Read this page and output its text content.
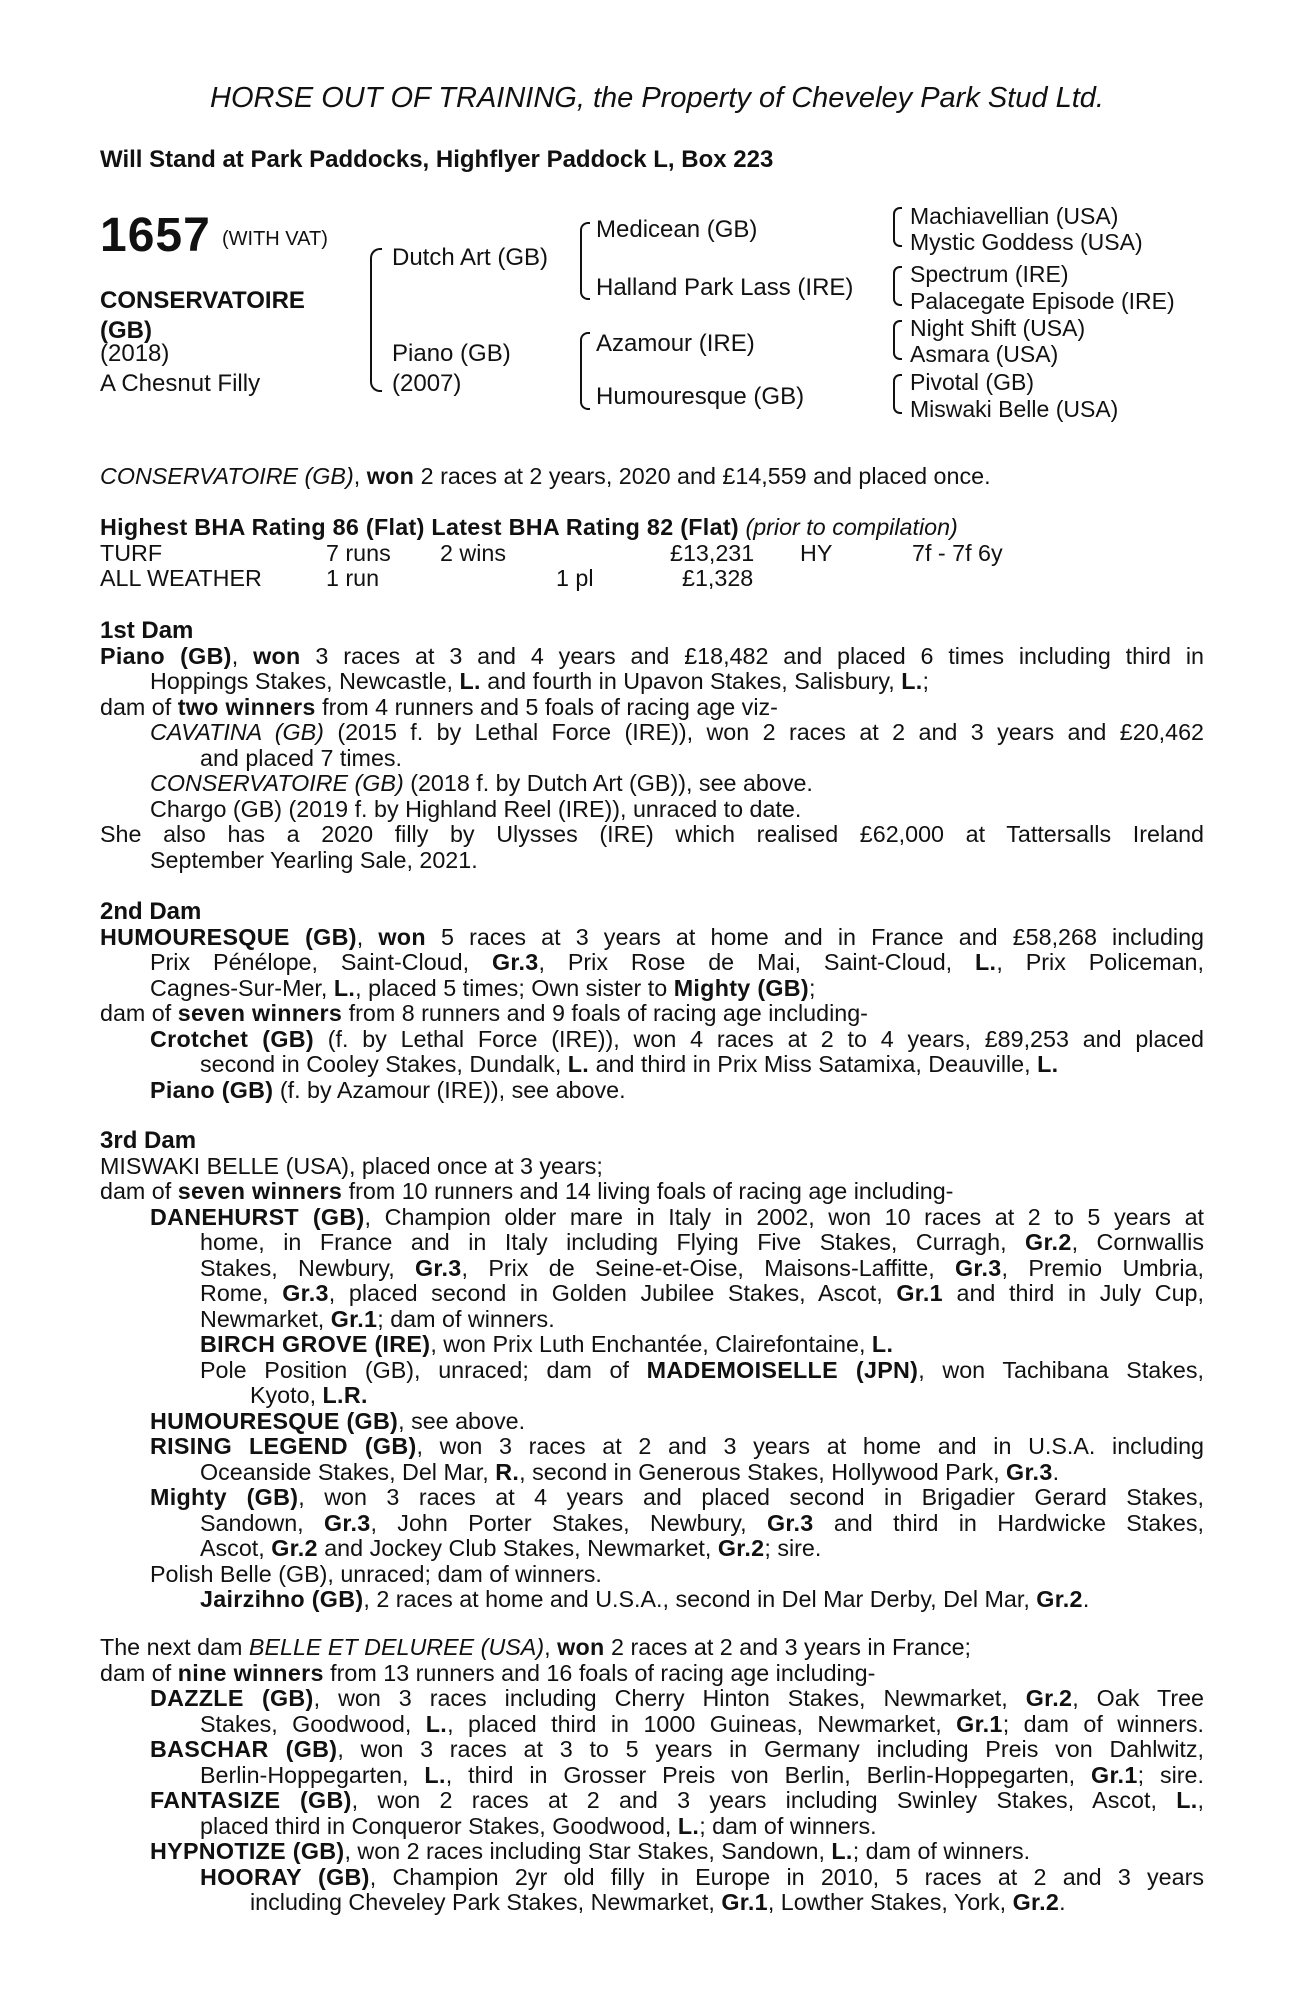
HORSE OUT OF TRAINING, the Property of Cheveley Park Stud Ltd.
Will Stand at Park Paddocks, Highflyer Paddock L, Box 223
1657 (WITH VAT)
CONSERVATOIRE (GB)
(2018)
A Chesnut Filly
Dutch Art (GB)
Piano (GB)
(2007)
Medicean (GB)
Halland Park Lass (IRE)
Azamour (IRE)
Humouresque (GB)
Machiavellian (USA)
Mystic Goddess (USA)
Spectrum (IRE)
Palacegate Episode (IRE)
Night Shift (USA)
Asmara (USA)
Pivotal (GB)
Miswaki Belle (USA)
CONSERVATOIRE (GB), won 2 races at 2 years, 2020 and £14,559 and placed once.
Highest BHA Rating 86 (Flat) Latest BHA Rating 82 (Flat) (prior to compilation)
TURF	7 runs 2 wins	£13,231 HY	7f - 7f 6y
ALL WEATHER	1 run	1 pl	£1,328
1st Dam
Piano (GB), won 3 races at 3 and 4 years and £18,482 and placed 6 times including third in
Hoppings Stakes, Newcastle, L. and fourth in Upavon Stakes, Salisbury, L.;
dam of two winners from 4 runners and 5 foals of racing age viz-
CAVATINA (GB) (2015 f. by Lethal Force (IRE)), won 2 races at 2 and 3 years and £20,462
and placed 7 times.
CONSERVATOIRE (GB) (2018 f. by Dutch Art (GB)), see above.
Chargo (GB) (2019 f. by Highland Reel (IRE)), unraced to date.
She also has a 2020 filly by Ulysses (IRE) which realised £62,000 at Tattersalls Ireland
September Yearling Sale, 2021.
2nd Dam
HUMOURESQUE (GB), won 5 races at 3 years at home and in France and £58,268 including
Prix Pénélope, Saint-Cloud, Gr.3, Prix Rose de Mai, Saint-Cloud, L., Prix Policeman,
Cagnes-Sur-Mer, L., placed 5 times; Own sister to Mighty (GB);
dam of seven winners from 8 runners and 9 foals of racing age including-
Crotchet (GB) (f. by Lethal Force (IRE)), won 4 races at 2 to 4 years, £89,253 and placed
second in Cooley Stakes, Dundalk, L. and third in Prix Miss Satamixa, Deauville, L.
Piano (GB) (f. by Azamour (IRE)), see above.
3rd Dam
MISWAKI BELLE (USA), placed once at 3 years;
dam of seven winners from 10 runners and 14 living foals of racing age including-
DANEHURST (GB), Champion older mare in Italy in 2002, won 10 races at 2 to 5 years at
home, in France and in Italy including Flying Five Stakes, Curragh, Gr.2, Cornwallis
Stakes, Newbury, Gr.3, Prix de Seine-et-Oise, Maisons-Laffitte, Gr.3, Premio Umbria,
Rome, Gr.3, placed second in Golden Jubilee Stakes, Ascot, Gr.1 and third in July Cup,
Newmarket, Gr.1; dam of winners.
BIRCH GROVE (IRE), won Prix Luth Enchantée, Clairefontaine, L.
Pole Position (GB), unraced; dam of MADEMOISELLE (JPN), won Tachibana Stakes,
Kyoto, L.R.
HUMOURESQUE (GB), see above.
RISING LEGEND (GB), won 3 races at 2 and 3 years at home and in U.S.A. including
Oceanside Stakes, Del Mar, R., second in Generous Stakes, Hollywood Park, Gr.3.
Mighty (GB), won 3 races at 4 years and placed second in Brigadier Gerard Stakes,
Sandown, Gr.3, John Porter Stakes, Newbury, Gr.3 and third in Hardwicke Stakes,
Ascot, Gr.2 and Jockey Club Stakes, Newmarket, Gr.2; sire.
Polish Belle (GB), unraced; dam of winners.
Jairzihno (GB), 2 races at home and U.S.A., second in Del Mar Derby, Del Mar, Gr.2.
The next dam BELLE ET DELUREE (USA), won 2 races at 2 and 3 years in France;
dam of nine winners from 13 runners and 16 foals of racing age including-
DAZZLE (GB), won 3 races including Cherry Hinton Stakes, Newmarket, Gr.2, Oak Tree
Stakes, Goodwood, L., placed third in 1000 Guineas, Newmarket, Gr.1; dam of winners.
BASCHAR (GB), won 3 races at 3 to 5 years in Germany including Preis von Dahlwitz,
Berlin-Hoppegarten, L., third in Grosser Preis von Berlin, Berlin-Hoppegarten, Gr.1; sire.
FANTASIZE (GB), won 2 races at 2 and 3 years including Swinley Stakes, Ascot, L.,
placed third in Conqueror Stakes, Goodwood, L.; dam of winners.
HYPNOTIZE (GB), won 2 races including Star Stakes, Sandown, L.; dam of winners.
HOORAY (GB), Champion 2yr old filly in Europe in 2010, 5 races at 2 and 3 years
including Cheveley Park Stakes, Newmarket, Gr.1, Lowther Stakes, York, Gr.2.
